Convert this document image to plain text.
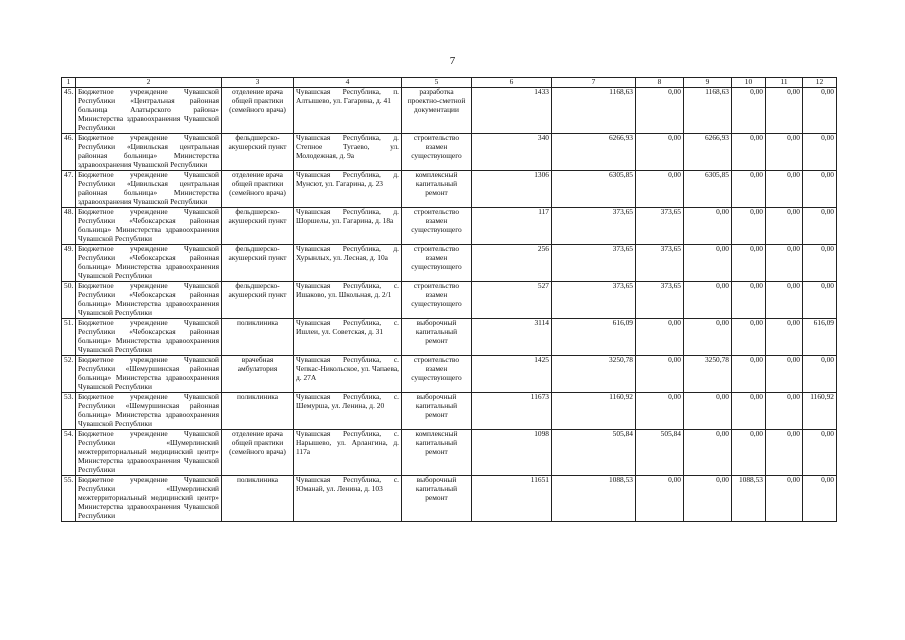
7
1	2	3	4	5	6	7	8	9	10	11	12
45.	Бюджетное учреждение Чувашской Республики «Центральная районная больница Алатырского района» Министерства здравоохранения Чувашской Республики	отделение врача общей практики (семейного врача)	Чувашская Республика, п. Алтышево, ул. Гагарина, д. 41	разработка проектно-сметной документации	1433	1168,63	0,00	1168,63	0,00	0,00	0,00
46.	Бюджетное учреждение Чувашской Республики «Цивильская центральная районная больница» Министерства здравоохранения Чувашской Республики	фельдшерско-акушерский пункт	Чувашская Республика, д. Степное Тугаево, ул. Молодежная, д. 9а	строительство взамен существующего	340	6266,93	0,00	6266,93	0,00	0,00	0,00
47.	Бюджетное учреждение Чувашской Республики «Цивильская центральная районная больница» Министерства здравоохранения Чувашской Республики	отделение врача общей практики (семейного врача)	Чувашская Республика, д. Мунсют, ул. Гагарина, д. 23	комплексный капитальный ремонт	1306	6305,85	0,00	6305,85	0,00	0,00	0,00
48.	Бюджетное учреждение Чувашской Республики «Чебоксарская районная больница» Министерства здравоохранения Чувашской Республики	фельдшерско-акушерский пункт	Чувашская Республика, д. Шоршелы, ул. Гагарина, д. 18а	строительство взамен существующего	117	373,65	373,65	0,00	0,00	0,00	0,00
49.	Бюджетное учреждение Чувашской Республики «Чебоксарская районная больница» Министерства здравоохранения Чувашской Республики	фельдшерско-акушерский пункт	Чувашская Республика, д. Хурынлых, ул. Лесная, д. 10а	строительство взамен существующего	256	373,65	373,65	0,00	0,00	0,00	0,00
50.	Бюджетное учреждение Чувашской Республики «Чебоксарская районная больница» Министерства здравоохранения Чувашской Республики	фельдшерско-акушерский пункт	Чувашская Республика, с. Ишаково, ул. Школьная, д. 2/1	строительство взамен существующего	527	373,65	373,65	0,00	0,00	0,00	0,00
51.	Бюджетное учреждение Чувашской Республики «Чебоксарская районная больница» Министерства здравоохранения Чувашской Республики	поликлиника	Чувашская Республика, с. Ишлеи, ул. Советская, д. 31	выборочный капитальный ремонт	3114	616,09	0,00	0,00	0,00	0,00	616,09
52.	Бюджетное учреждение Чувашской Республики «Шемуршинская районная больница» Министерства здравоохранения Чувашской Республики	врачебная амбулатория	Чувашская Республика, с. Чепкас-Никольское, ул. Чапаева, д. 27А	строительство взамен существующего	1425	3250,78	0,00	3250,78	0,00	0,00	0,00
53.	Бюджетное учреждение Чувашской Республики «Шемуршинская районная больница» Министерства здравоохранения Чувашской Республики	поликлиника	Чувашская Республика, с. Шемурша, ул. Ленина, д. 20	выборочный капитальный ремонт	11673	1160,92	0,00	0,00	0,00	0,00	1160,92
54.	Бюджетное учреждение Чувашской Республики «Шумерлинский межтерриториальный медицинский центр» Министерства здравоохранения Чувашской Республики	отделение врача общей практики (семейного врача)	Чувашская Республика, с. Нарышево, ул. Арлангина, д. 117а	комплексный капитальный ремонт	1098	505,84	505,84	0,00	0,00	0,00	0,00
55.	Бюджетное учреждение Чувашской Республики «Шумерлинский межтерриториальный медицинский центр» Министерства здравоохранения Чувашской Республики	поликлиника	Чувашская Республика, с. Юманай, ул. Ленина, д. 103	выборочный капитальный ремонт	11651	1088,53	0,00	0,00	1088,53	0,00	0,00
